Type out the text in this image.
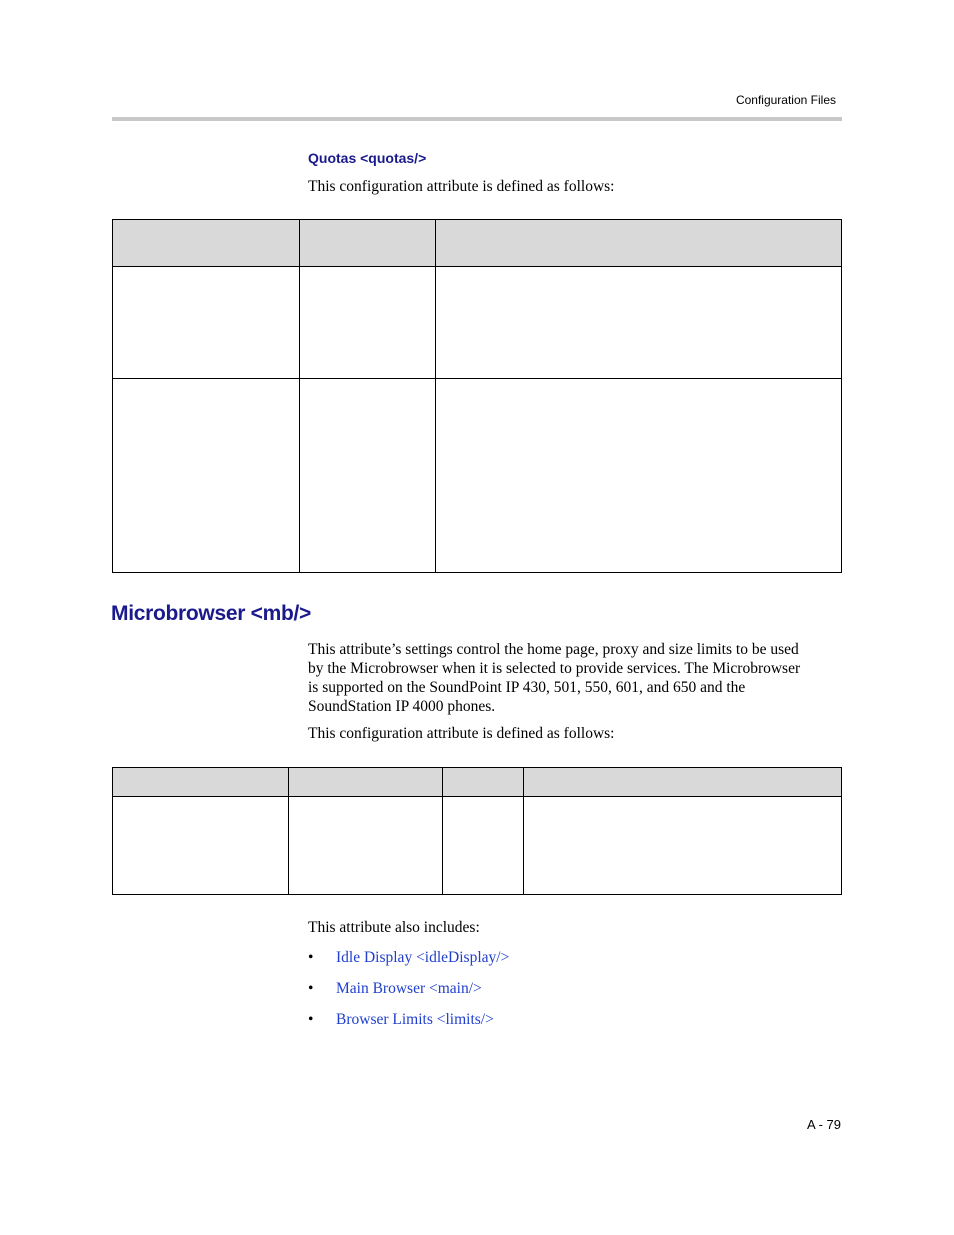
Configuration Files
Quotas <quotas/>
This configuration attribute is defined as follows:
Microbrowser <mb/>
This attribute’s settings control the home page, proxy and size limits to be used
by the Microbrowser when it is selected to provide services. The Microbrowser
is supported on the SoundPoint IP 430, 501, 550, 601, and 650 and the
SoundStation IP 4000 phones.
This configuration attribute is defined as follows:
This attribute also includes:
• Idle Display <idleDisplay/>
• Main Browser <main/>
• Browser Limits <limits/>
A - 79
